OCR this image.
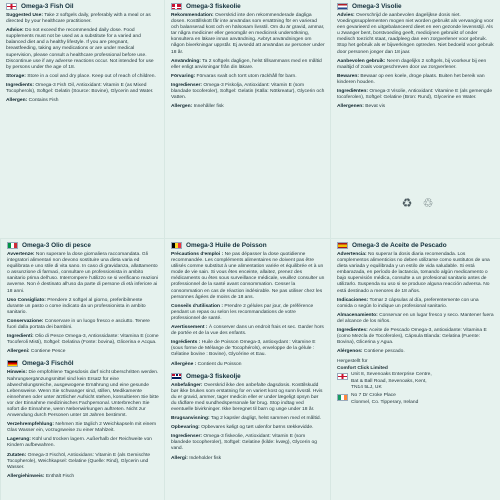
Omega-3 Fish Oil

Suggested Use: Take 2 softgels daily, preferably with a meal or as directed by your healthcare practitioner.

Advice: Do not exceed the recommended daily dose. Food supplements must not be used as a substitute for a varied and balanced diet and a healthy lifestyle. If you are pregnant, breastfeeding, taking any medications or are under medical supervision, please consult a healthcare professional before use. Discontinue use if any adverse reactions occur. Not intended for use by persons under the age of 18.

Storage: Store in a cool and dry place. Keep out of reach of children.

Ingredients: Omega-3 Fish Oil, Antioxidant: Vitamin E (as Mixed Tocopherols), Softgel: Gelatin (Source: Bovine), Glycerin and Water.

Allergen: Contains Fish

Omega-3 fiskeolie

Rekommendation: Overskrid inte den rekommenderade dagliga dosen. Kosttillskott får inte användas som ersättning för en varierad och balanserad kost och en hälsosam livsstil. Om du är gravid, ammar, tar några mediciner eller genomgår en medicinsk undersökning, konsultera en läkare innan användning. Avbryt användningen om någon biverkningar uppstår. Ej avsedd att användas av personer under 18 år.

Användning: Ta 2 softgels dagligen, helst tillsammans med en måltid eller enligt anvisningar från din läkare.

Förvaring: Förvaras svalt och torrt utom räckhåll för barn.

Ingredienser: Omega-3 Fiskolja, Antioxidant: Vitamin E (som blandade tocoferoler), Softgel: Gelatin (Källa: Nötkreatur), Glycerin och Vatten.

Allergen: Innehåller fisk

Omega-3 Visolie

Advies: Overschrijd de aanbevolen dagelijkse dosis niet. Voedingssupplementen mogen niet worden gebruikt als vervanging voor een gevarieerd en uitgebalanceerd dieet en een gezonde levensstijl. Als u zwanger bent, borstvoeding geeft, medicijnen gebruikt of onder medisch toezicht staat, raadpleeg dan een zorgverlener voor gebruik. Stop het gebruik als er bijwerkingen optreden. Niet bedoeld voor gebruik door personen jonger dan 18 jaar.

Aanbevolen gebruik: Neem dagelijks 2 softgels, bij voorkeur bij een maaltijd of zoals voorgeschreven door uw zorgverlener.

Bewaren: Bewaar op een koele, droge plaats. Buiten het bereik van kinderen houden.

Ingrediënten: Omega-3 Visolie, Antioxidant: Vitamine E (als gemengde tocoferolen), Softgel: Gelatine (Bron: Rund), Glycerine en Water.

Allergenen: Bevat vis

Omega-3 Olio di pesce

Avvertenze: Non superare la dose giornaliera raccomandata. Gli integratori alimentari non devono sostituire una dieta varia ed equilibrata e uno stile di vita sano. In caso di gravidanza, allattamento o assunzione di farmaci, consultare un professionista in ambito sanitario prima dell'uso. Interrompere l'utilizzo se si verificano reazioni avverse. Non è destinato all'uso da parte di persone di età inferiore ai 18 anni.

Uso Consigliato: Prendere 2 softgel al giorno, preferibilmente durante un pasto o come indicato da un professionista in ambito sanitario.

Conservazione: Conservare in un luogo fresco e asciutto. Tenere fuori dalla portata dei bambini.

Ingredienti: Olio di Pesce Omega-3, Antiossidante: Vitamina E (come Tocoferoli Misti), Softgel: Gelatina (Fonte: bovina), Glicerina e Acqua.

Allergeni: Contiene Pesce

Omega-3 Fischöl

Hinweis: Die empfohlene Tagesdosis darf nicht überschritten werden. Nahrungsergänzungsmittel sind kein Ersatz für eine abwechslungsreiche, ausgewogene Ernährung und eine gesunde Lebensweise. Wenn Sie schwanger sind, stillen, Medikamente einnehmen oder unter ärztlicher Aufsicht stehen, konsultieren Sie bitte vor der Einnahme medizinisches Fachpersonal. Unterbrechen Sie sofort die Einnahme, wenn Nebenwirkungen auftreten. Nicht zur Anwendung durch Personen unter 18 Jahren bestimmt.

Verzehrempfehlung: Nehmen Sie täglich 2 Weichkapseln mit einem Glas Wasser ein, vorzugsweise zu einer Mahlzeit.

Lagerung: Kühl und trocken lagern. Außerhalb der Reichweite von Kindern aufbewahren.

Zutaten: Omega-3 Fischöl, Antioxidans: Vitamin E (als Gemischte Tocopherole), Weichkapsel: Gelatine (Quelle: Rind), Glycerin und Wasser.

Allergiehinweis: Enthält Fisch

Omega-3 Huile de Poisson

Précautions d'emploi : Ne pas dépasser la dose quotidienne recommandée. Les compléments alimentaires ne doivent pas être utilisés comme substitut à une alimentation variée et équilibrée et à un mode de vie sain. Si vous êtes enceinte, allaitez, prenez des médicaments ou êtes sous surveillance médicale, veuillez consulter un professionnel de la santé avant consommation. Cesser la consommation en cas de réaction indésirable. Ne pas utiliser chez les personnes âgées de moins de 18 ans.

Conseils d'utilisation : Prendre 2 gélules par jour, de préférence pendant un repas ou selon les recommandations de votre professionnel de santé.

Avertissement : À conserver dans un endroit frais et sec. Garder hors de portée et de la vue des enfants.

Ingrédients : Huile de Poisson Omega-3, antioxydant : Vitamine E (sous forme de Mélange de Tocophérols), enveloppe de la gélule : Gélatine bovine : Bovine), Glycérine et Eau.

Allergène : Contient du Poisson

Omega-3 fiskeolje

Anbefalinger: Overskrid ikke den anbefalte dagsdosis. Kosttilskudd bør ikke brukes som erstatning for en variert kost og sunn livsstil. Hvis du er gravid, ammer, tager medicin eller er under lægeligt opsyn bør du rådføre med sundhedspersonale før brug. Stop indtag ved eventuelle bivirkninger. Ikke beregnet til barn og unge under 18 år.

Brugsanvisning: Tag 2 kapsler dagligt, helst sammen med et måltid.

Opbevaring: Opbevares køligt og tørt udenfor børns rækkevidde.

Ingredienser: Omega-3 fiskeolie, Antioxidant: Vitamin E (som blandede tocopheroler), Softgel: Gelatine (kilde: kvæg), Glycerin og vand.

Allergi: Indeholder fisk

Omega-3 de Aceite de Pescado

Advertencia: No superar la dosis diaria recomendada. Los complementos alimenticios no deben utilizarse como sustitutos de una dieta variada y equilibrada y un estilo de vida saludable. Si está embarazada, en período de lactancia, tomando algún medicamento o bajo supervisión médica, consulte a un profesional sanitario antes de utilizarlo. Suspenda su uso si se produce alguna reacción adversa. No está destinado a menores de 18 años.

Indicaciones: Tomar 2 cápsulas al día, preferentemente con una comida o según lo indique un profesional sanitario.

Almacenamiento: Conservar en un lugar fresco y seco. Mantener fuera del alcance de los niños.

Ingredientes: Aceite de Pescado Omega-3, antioxidante: Vitamina E (como Mezcla de Tocoferoles), Cápsula Blanda: Gelatina (Fuente: Bovina), Glicerina y Agua.

Alérgenos: Contiene pescado.

Hergestellt für
Comfort Click Limited
Unit 8, Sevenoaks Enterprise Centre,
Bat & Ball Road, Sevenoaks, Kent,
TN14 5LJ, UK
No 7 Dr Croke Place
Clonmel, Co. Tipperary, Ireland
♻ ♲
